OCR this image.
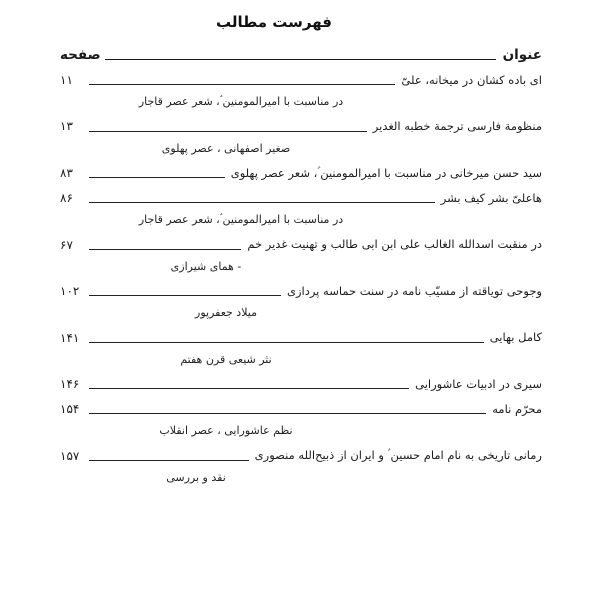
فهرست مطالب
عنوان
صفحه
ای باده کشان در میخانه، علیّ
۱۱
در مناسبت با امیرالمومنین ؑ، شعر عصر قاجار
منظومة فارسی ترجمة خطبه الغدیر
۱۳
صغیر اصفهانی ، عصر پهلوی
سید حسن میرخانی در مناسبت با امیرالمومنین ؑ، شعر عصر پهلوی
۸۳
هاعلیّ بشر کیف بشر
۸۶
در مناسبت با امیرالمومنین ؑ، شعر عصر قاجار
در منقبت اسدالله الغالب علی ابن ابی طالب و تهنیت غدیر خم
۶۷
- همای شیرازی
وجوحی تویاقته از مسیّب نامه در سنت حماسه پردازی
۱۰۲
میلاد جعفرپور
کامل بهایی
۱۴۱
نثر شیعی قرن هفتم
سیری در ادبیات عاشورایی
۱۴۶
محرّم نامه
۱۵۴
نظم عاشورایی ، عصر انقلاب
رمانی تاریخی به نام امام حسین ؑ و ایران از ذبیح‌الله منصوری
۱۵۷
نقد و بررسی
